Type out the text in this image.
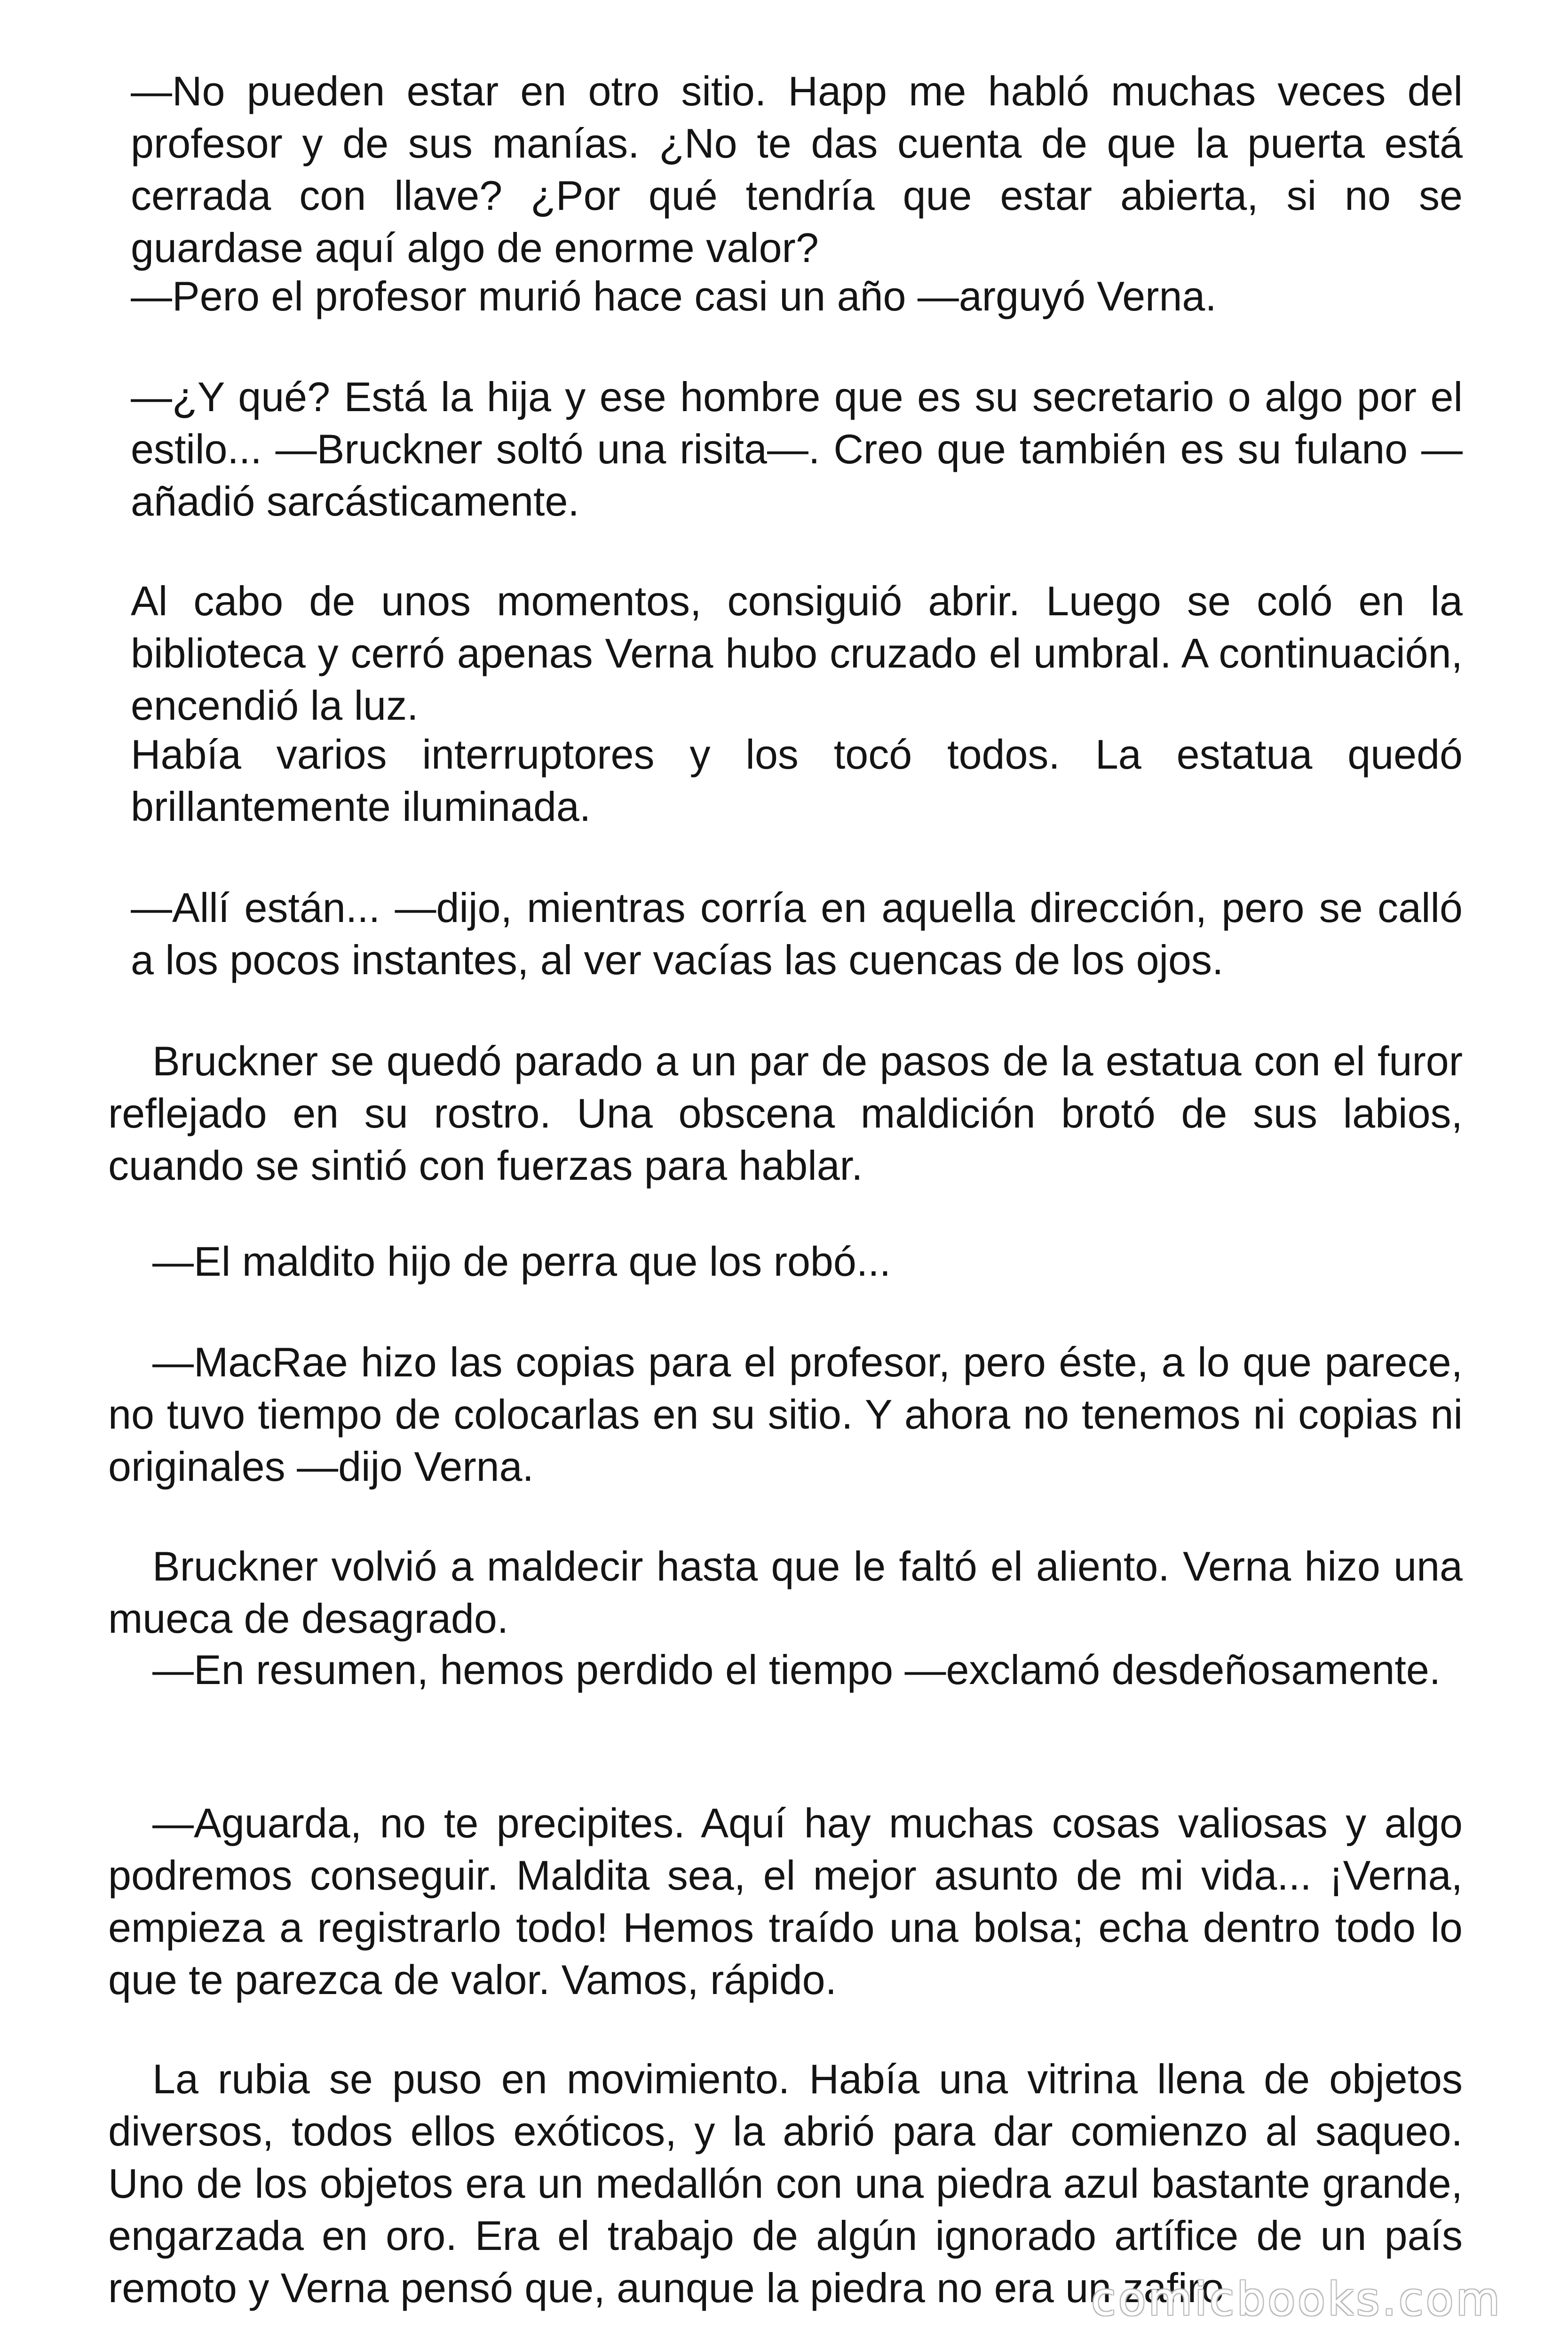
—No pueden estar en otro sitio. Happ me habló muchas veces del profesor y de sus manías. ¿No te das cuenta de que la puerta está cerrada con llave? ¿Por qué tendría que estar abierta, si no se guardase aquí algo de enorme valor?

—Pero el profesor murió hace casi un año —arguyó Verna.

—¿Y qué? Está la hija y ese hombre que es su secretario o algo por el estilo... —Bruckner soltó una risita—. Creo que también es su fulano —añadió sarcásticamente.

Al cabo de unos momentos, consiguió abrir. Luego se coló en la biblioteca y cerró apenas Verna hubo cruzado el umbral. A continuación, encendió la luz.

Había varios interruptores y los tocó todos. La estatua quedó brillantemente iluminada.

—Allí están... —dijo, mientras corría en aquella dirección, pero se calló a los pocos instantes, al ver vacías las cuencas de los ojos.

Bruckner se quedó parado a un par de pasos de la estatua con el furor reflejado en su rostro. Una obscena maldición brotó de sus labios, cuando se sintió con fuerzas para hablar.

—El maldito hijo de perra que los robó...

—MacRae hizo las copias para el profesor, pero éste, a lo que parece, no tuvo tiempo de colocarlas en su sitio. Y ahora no tenemos ni copias ni originales —dijo Verna.

Bruckner volvió a maldecir hasta que le faltó el aliento. Verna hizo una mueca de desagrado.

—En resumen, hemos perdido el tiempo —exclamó desdeñosamente.

—Aguarda, no te precipites. Aquí hay muchas cosas valiosas y algo podremos conseguir. Maldita sea, el mejor asunto de mi vida... ¡Verna, empieza a registrarlo todo! Hemos traído una bolsa; echa dentro todo lo que te parezca de valor. Vamos, rápido.

La rubia se puso en movimiento. Había una vitrina llena de objetos diversos, todos ellos exóticos, y la abrió para dar comienzo al saqueo. Uno de los objetos era un medallón con una piedra azul bastante grande, engarzada en oro. Era el trabajo de algún ignorado artífice de un país remoto y Verna pensó que, aunque la piedra no era un zafiro

comicbooks.com
